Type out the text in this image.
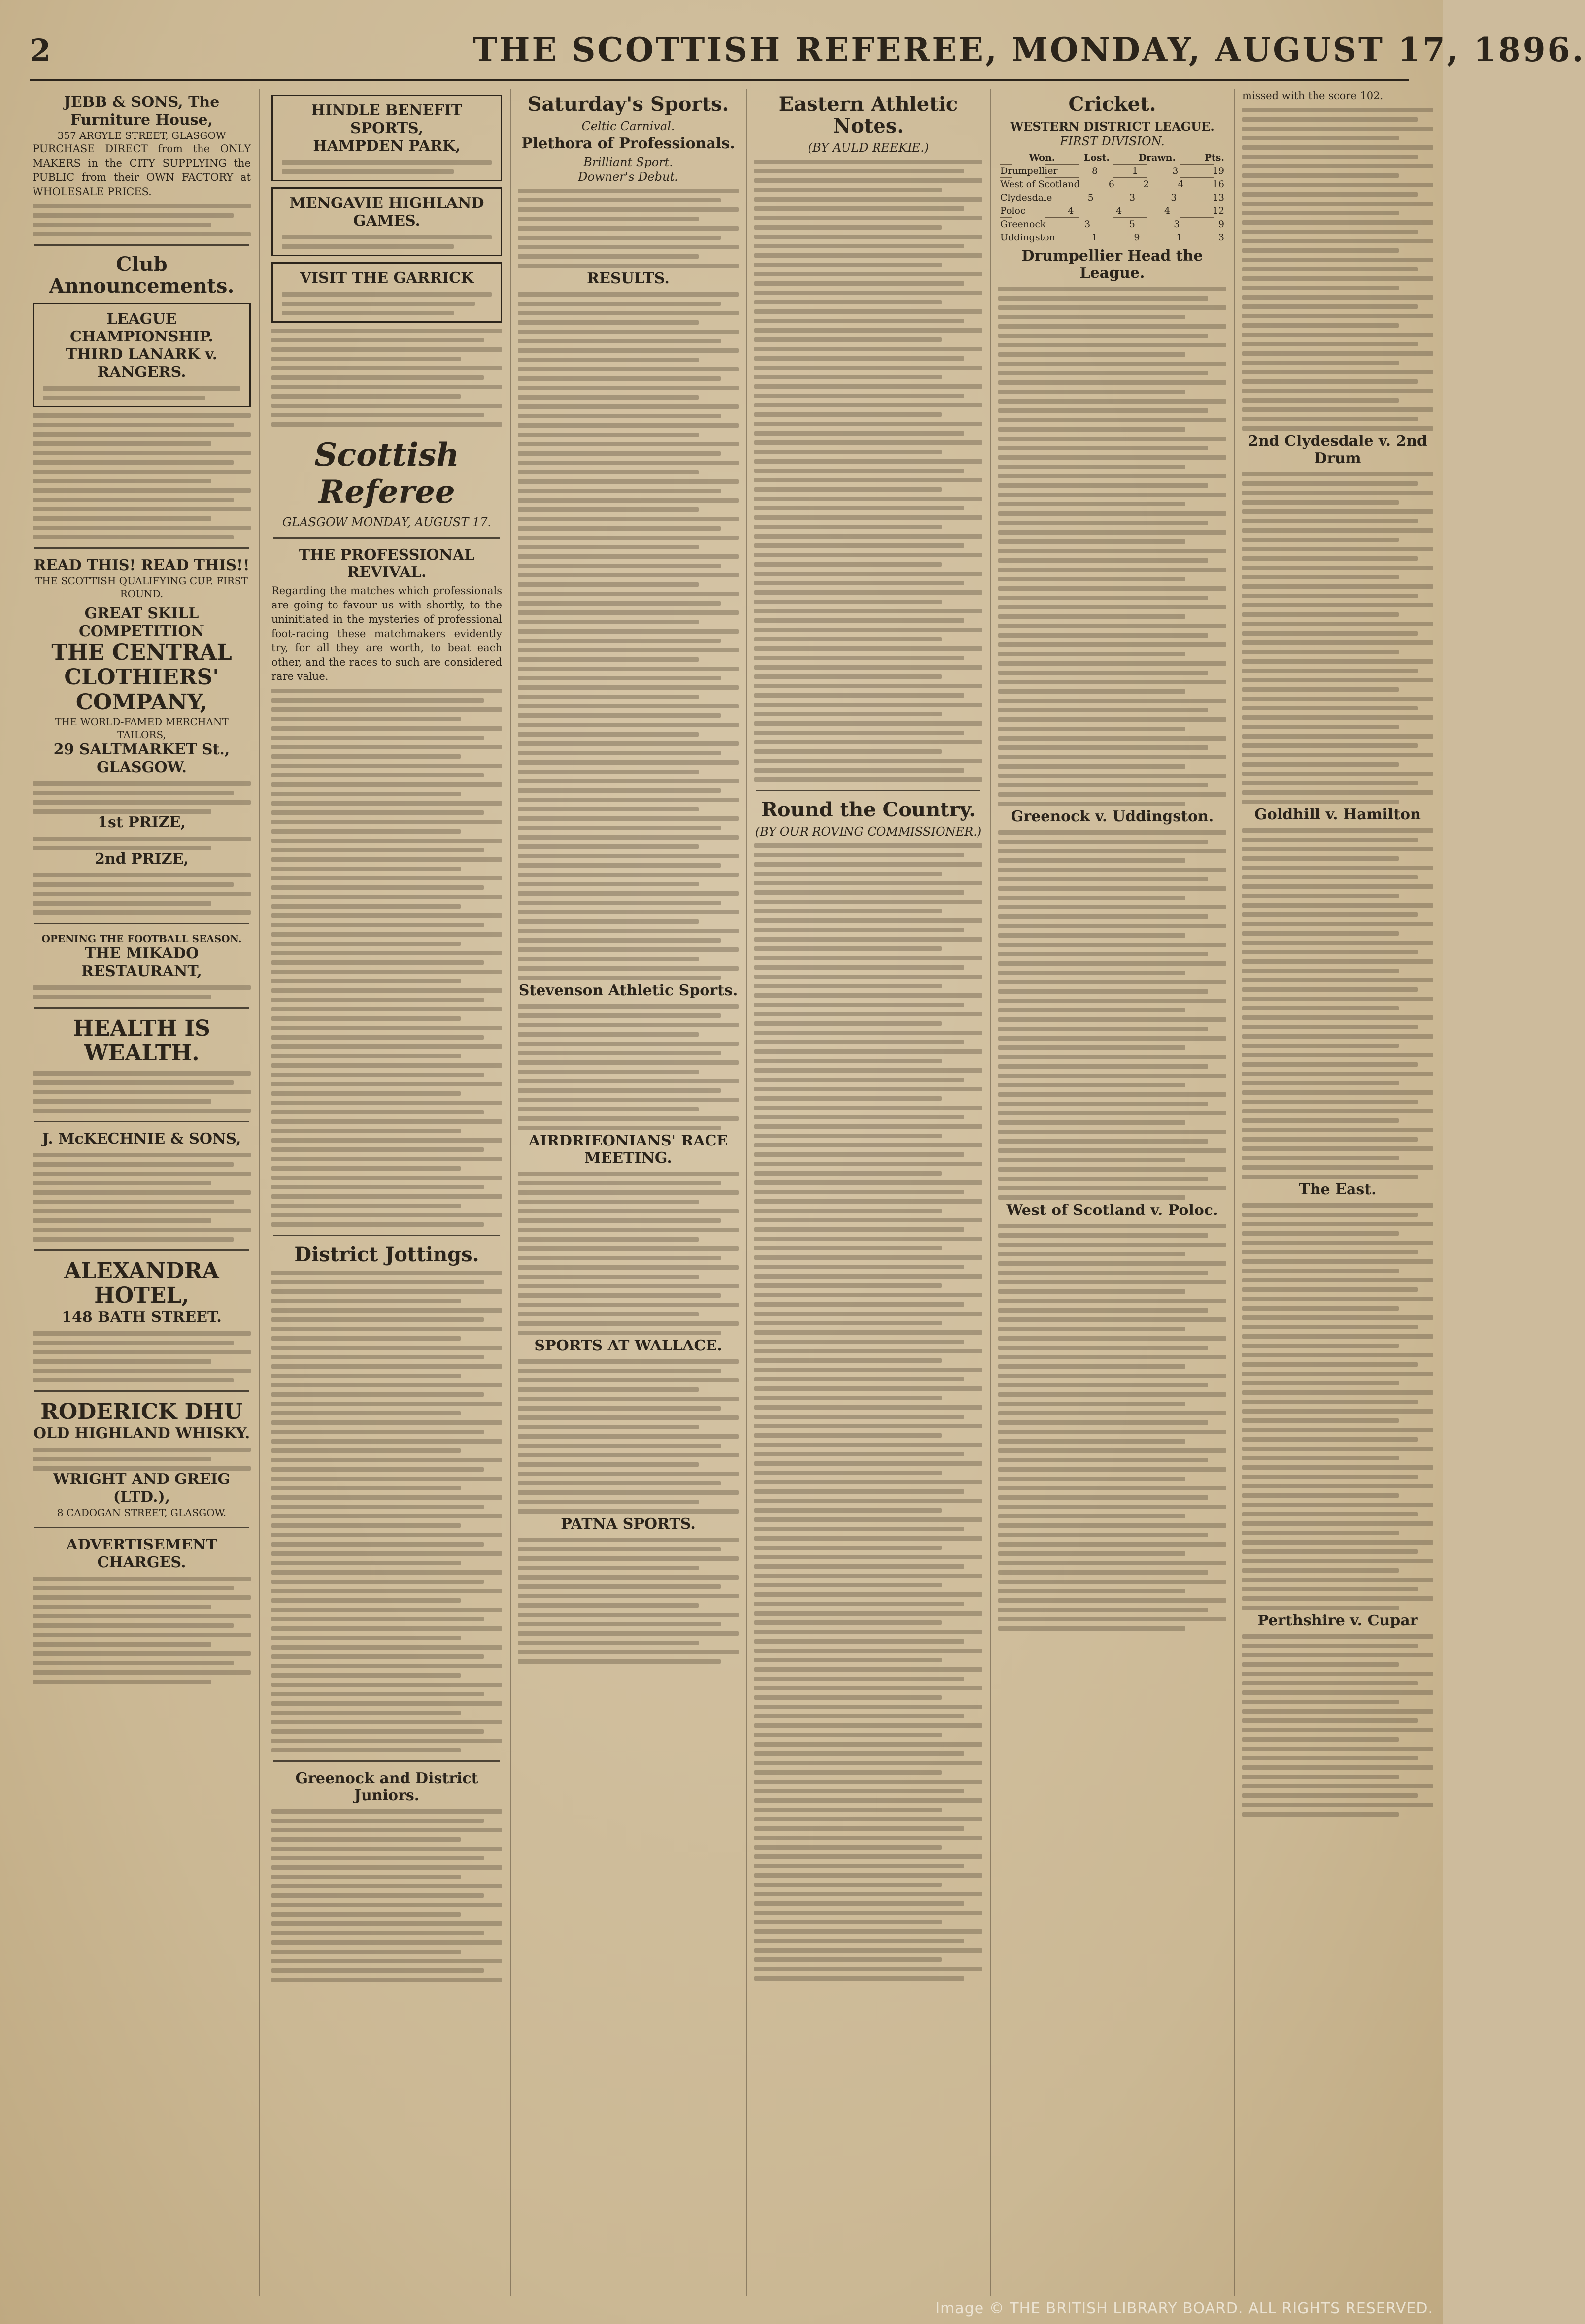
2	THE SCOTTISH REFEREE, MONDAY, AUGUST 17, 1896.
JEBB & SONS, The Furniture House,
357 ARGYLE STREET, GLASGOW
PURCHASE DIRECT from the ONLY MAKERS in the CITY SUPPLYING the PUBLIC from their OWN FACTORY at WHOLESALE PRICES.
Club Announcements.
LEAGUE CHAMPIONSHIP. THIRD LANARK v. RANGERS.
READ THIS! READ THIS!!
THE SCOTTISH QUALIFYING CUP. FIRST ROUND.
GREAT SKILL COMPETITION
THE CENTRAL CLOTHIERS' COMPANY,
THE WORLD-FAMED MERCHANT TAILORS,
29 SALTMARKET St., GLASGOW.
1st PRIZE,
2nd PRIZE,
OPENING THE FOOTBALL SEASON.
THE MIKADO RESTAURANT,
HEALTH IS WEALTH.
J. McKECHNIE & SONS,
ALEXANDRA HOTEL,
148 BATH STREET.
RODERICK DHU
OLD HIGHLAND WHISKY.
WRIGHT AND GREIG (LTD.),
8 CADOGAN STREET, GLASGOW.
ADVERTISEMENT CHARGES.
HINDLE BENEFIT SPORTS,
HAMPDEN PARK,
MENGAVIE HIGHLAND GAMES.
VISIT THE GARRICK
Scottish Referee
GLASGOW MONDAY, AUGUST 17.
THE PROFESSIONAL REVIVAL.
Regarding the matches which professionals are going to favour us with shortly, to the uninitiated in the mysteries of professional foot-racing these matchmakers evidently try, for all they are worth, to beat each other, and the races to such are considered rare value.
District Jottings.
Greenock and District Juniors.
Saturday's Sports.
Celtic Carnival.
Plethora of Professionals.
Brilliant Sport.
Downer's Debut.
RESULTS.
Stevenson Athletic Sports.
AIRDRIEONIANS' RACE MEETING.
SPORTS AT WALLACE.
PATNA SPORTS.
Eastern Athletic Notes.
(BY AULD REEKIE.)
Round the Country.
(BY OUR ROVING COMMISSIONER.)
Cricket.
WESTERN DISTRICT LEAGUE.
FIRST DIVISION.
Won.	Lost.	Drawn.	Pts.
Drumpellier	8	1	3	19
West of Scotland	6	2	4	16
Clydesdale	5	3	3	13
Poloc	4	4	4	12
Greenock	3	5	3	9
Uddingston	1	9	1	3
Drumpellier Head the League.
Greenock v. Uddingston.
West of Scotland v. Poloc.
missed with the score 102.
2nd Clydesdale v. 2nd Drum
Goldhill v. Hamilton
The East.
Perthshire v. Cupar
Image © THE BRITISH LIBRARY BOARD. ALL RIGHTS RESERVED.
